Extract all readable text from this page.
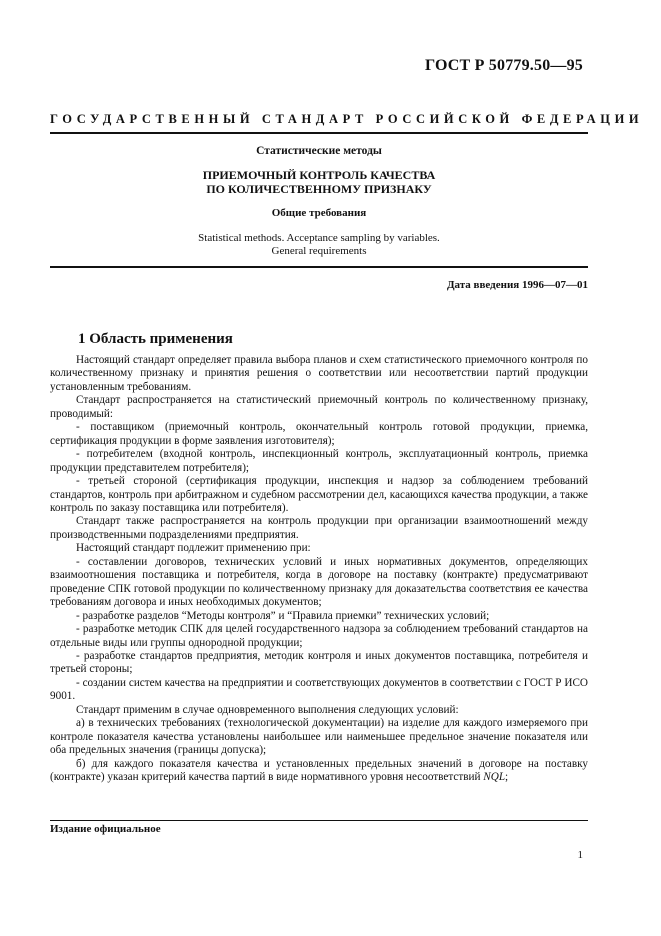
ГОСТ Р 50779.50—95
ГОСУДАРСТВЕННЫЙ СТАНДАРТ РОССИЙСКОЙ ФЕДЕРАЦИИ
Статистические методы
ПРИЕМОЧНЫЙ КОНТРОЛЬ КАЧЕСТВА
ПО КОЛИЧЕСТВЕННОМУ ПРИЗНАКУ
Общие требования
Statistical methods. Acceptance sampling by variables.
General requirements
Дата введения 1996—07—01
1 Область применения

Настоящий стандарт определяет правила выбора планов и схем статистического приемочного контроля по количественному признаку и принятия решения о соответствии или несоответствии партий продукции установленным требованиям.

Стандарт распространяется на статистический приемочный контроль по количественному признаку, проводимый:

- поставщиком (приемочный контроль, окончательный контроль готовой продукции, приемка, сертификация продукции в форме заявления изготовителя);

- потребителем (входной контроль, инспекционный контроль, эксплуатационный контроль, приемка продукции представителем потребителя);

- третьей стороной (сертификация продукции, инспекция и надзор за соблюдением требований стандартов, контроль при арбитражном и судебном рассмотрении дел, касающихся качества продукции, а также контроль по заказу поставщика или потребителя).

Стандарт также распространяется на контроль продукции при организации взаимоотношений между производственными подразделениями предприятия.

Настоящий стандарт подлежит применению при:

- составлении договоров, технических условий и иных нормативных документов, определяющих взаимоотношения поставщика и потребителя, когда в договоре на поставку (контракте) предусматривают проведение СПК готовой продукции по количественному признаку для доказательства соответствия ее качества требованиям договора и иных необходимых документов;

- разработке разделов “Методы контроля” и “Правила приемки” технических условий;

- разработке методик СПК для целей государственного надзора за соблюдением требований стандартов на отдельные виды или группы однородной продукции;

- разработке стандартов предприятия, методик контроля и иных документов поставщика, потребителя и третьей стороны;

- создании систем качества на предприятии и соответствующих документов в соответствии с ГОСТ Р ИСО 9001.

Стандарт применим в случае одновременного выполнения следующих условий:

а) в технических требованиях (технологической документации) на изделие для каждого измеряемого при контроле показателя качества установлены наибольшее или наименьшее предельное значение показателя или оба предельных значения (границы допуска);

б) для каждого показателя качества и установленных предельных значений в договоре на поставку (контракте) указан критерий качества партий в виде нормативного уровня несоответствий NQL;

Издание официальное
1
